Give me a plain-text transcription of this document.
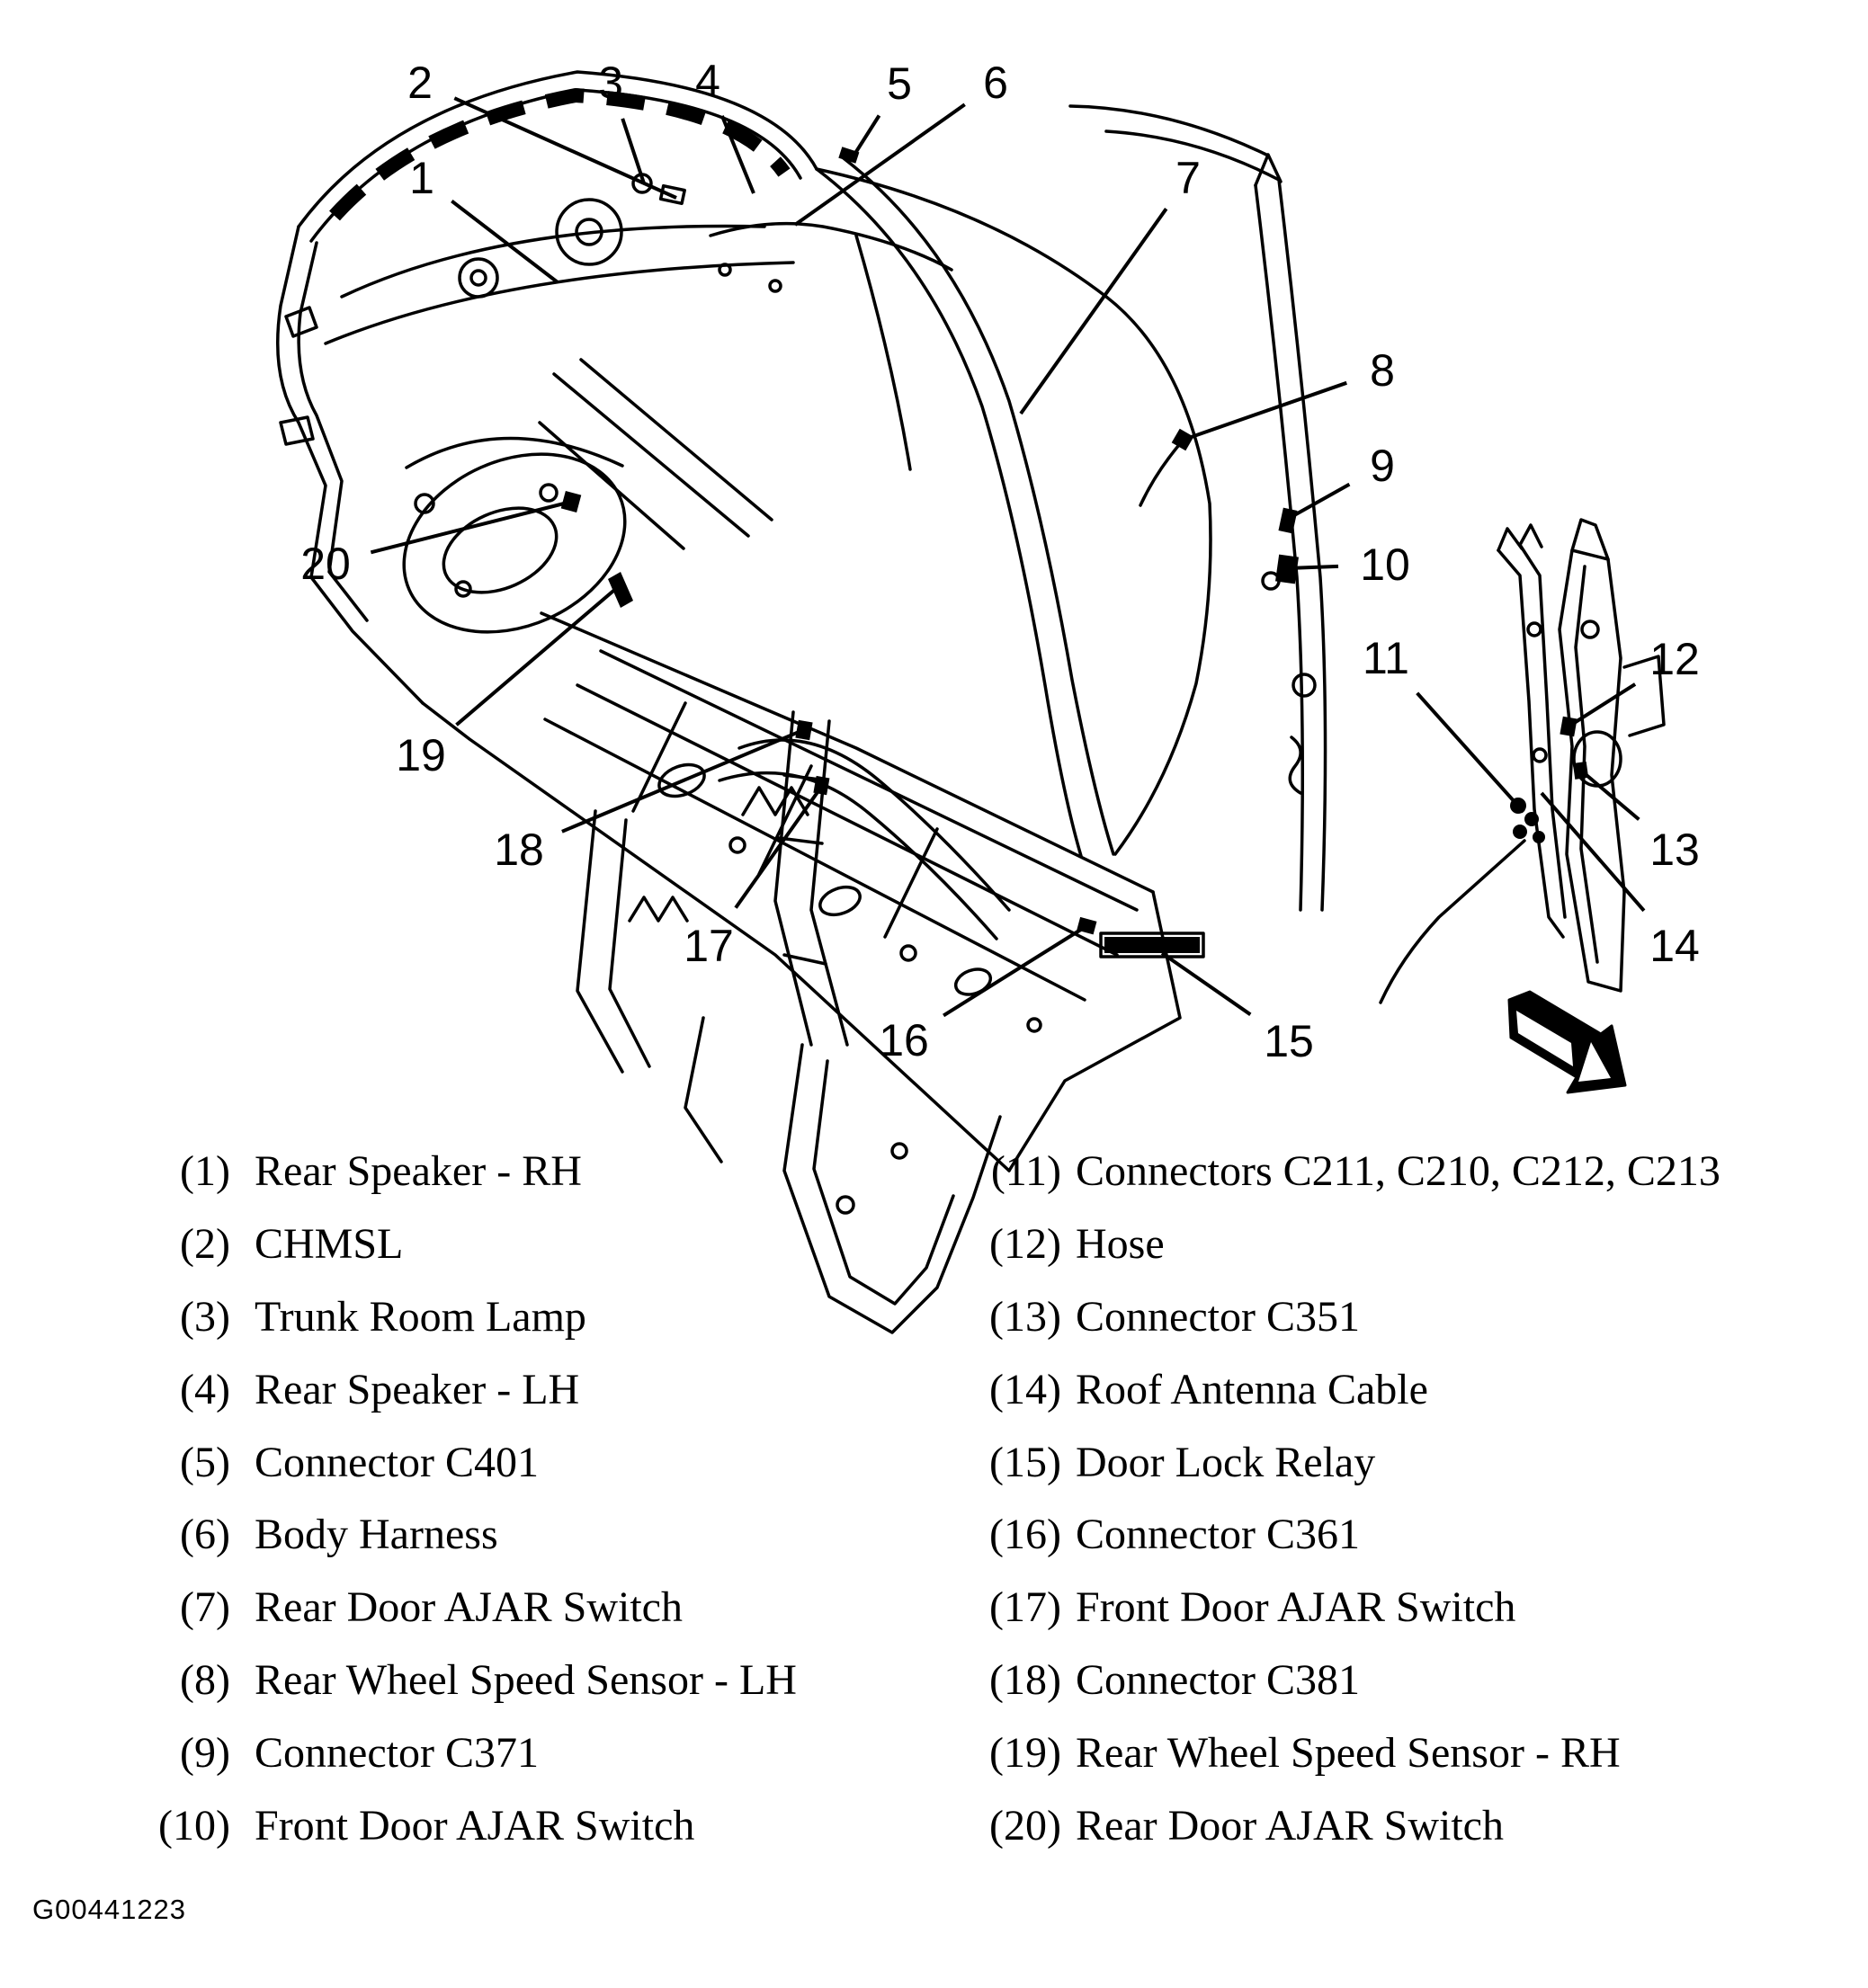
1
2	3 4	5 6
7
8
9
10
11	12
13
14
15
16
17
18
19
20
(1) Rear Speaker - RH
(2) CHMSL
(3) Trunk Room Lamp
(4) Rear Speaker - LH
(5) Connector C401
(6) Body Harness
(7) Rear Door AJAR Switch
(8) Rear Wheel Speed Sensor - LH
(9) Connector C371
(10) Front Door AJAR Switch
(11) Connectors C211, C210, C212, C213
(12) Hose
(13) Connector C351
(14) Roof Antenna Cable
(15) Door Lock Relay
(16) Connector C361
(17) Front Door AJAR Switch
(18) Connector C381
(19) Rear Wheel Speed Sensor - RH
(20) Rear Door AJAR Switch
G00441223
